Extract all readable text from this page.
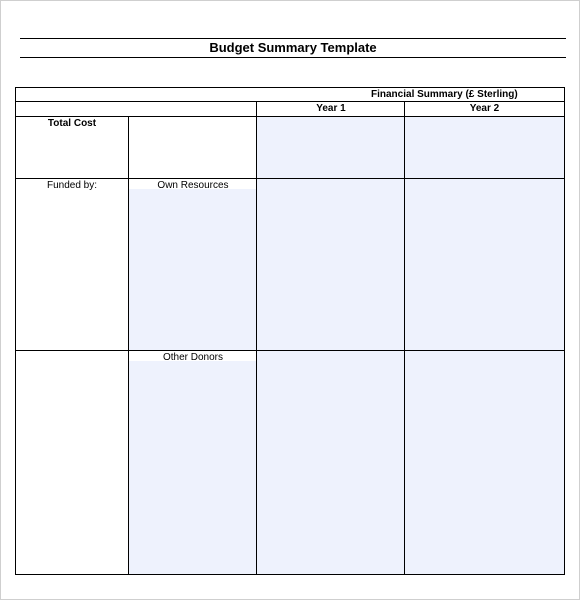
Budget Summary Template
Financial Summary (£ Sterling)
Year 1	Year 2
Total Cost
Funded by:	Own Resources
Other Donors
